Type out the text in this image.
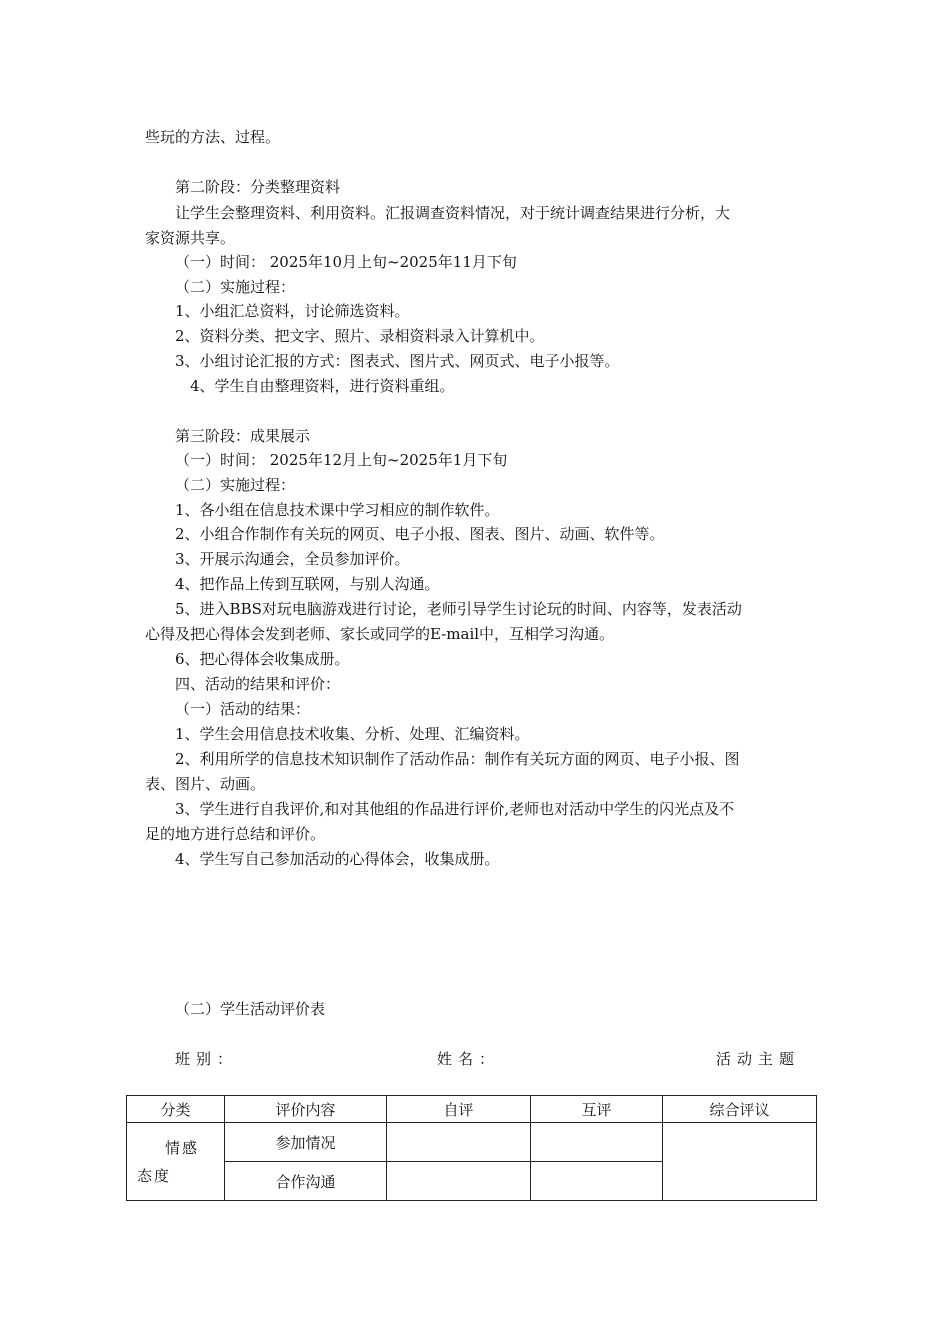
些玩的方法、过程。
第二阶段：分类整理资料
让学生会整理资料、利用资料。汇报调查资料情况，对于统计调查结果进行分析，大
家资源共享。
（一）时间： 2025年10月上旬~2025年11月下旬
（二）实施过程：
1、小组汇总资料，讨论筛选资料。
2、资料分类、把文字、照片、录相资料录入计算机中。
3、小组讨论汇报的方式：图表式、图片式、网页式、电子小报等。
4、学生自由整理资料，进行资料重组。
第三阶段：成果展示
（一）时间： 2025年12月上旬~2025年1月下旬
（二）实施过程：
1、各小组在信息技术课中学习相应的制作软件。
2、小组合作制作有关玩的网页、电子小报、图表、图片、动画、软件等。
3、开展示沟通会，全员参加评价。
4、把作品上传到互联网，与别人沟通。
5、进入BBS对玩电脑游戏进行讨论，老师引导学生讨论玩的时间、内容等，发表活动
心得及把心得体会发到老师、家长或同学的E-mail中，互相学习沟通。
6、把心得体会收集成册。
四、活动的结果和评价：
（一）活动的结果：
1、学生会用信息技术收集、分析、处理、汇编资料。
2、利用所学的信息技术知识制作了活动作品：制作有关玩方面的网页、电子小报、图
表、图片、动画。
3、学生进行自我评价,和对其他组的作品进行评价,老师也对活动中学生的闪光点及不
足的地方进行总结和评价。
4、学生写自己参加活动的心得体会，收集成册。
（二）学生活动评价表
班别：	姓名：	活动主题
分类	评价内容	自评	互评	综合评议

情感态度	参加情况			
	合作沟通			
